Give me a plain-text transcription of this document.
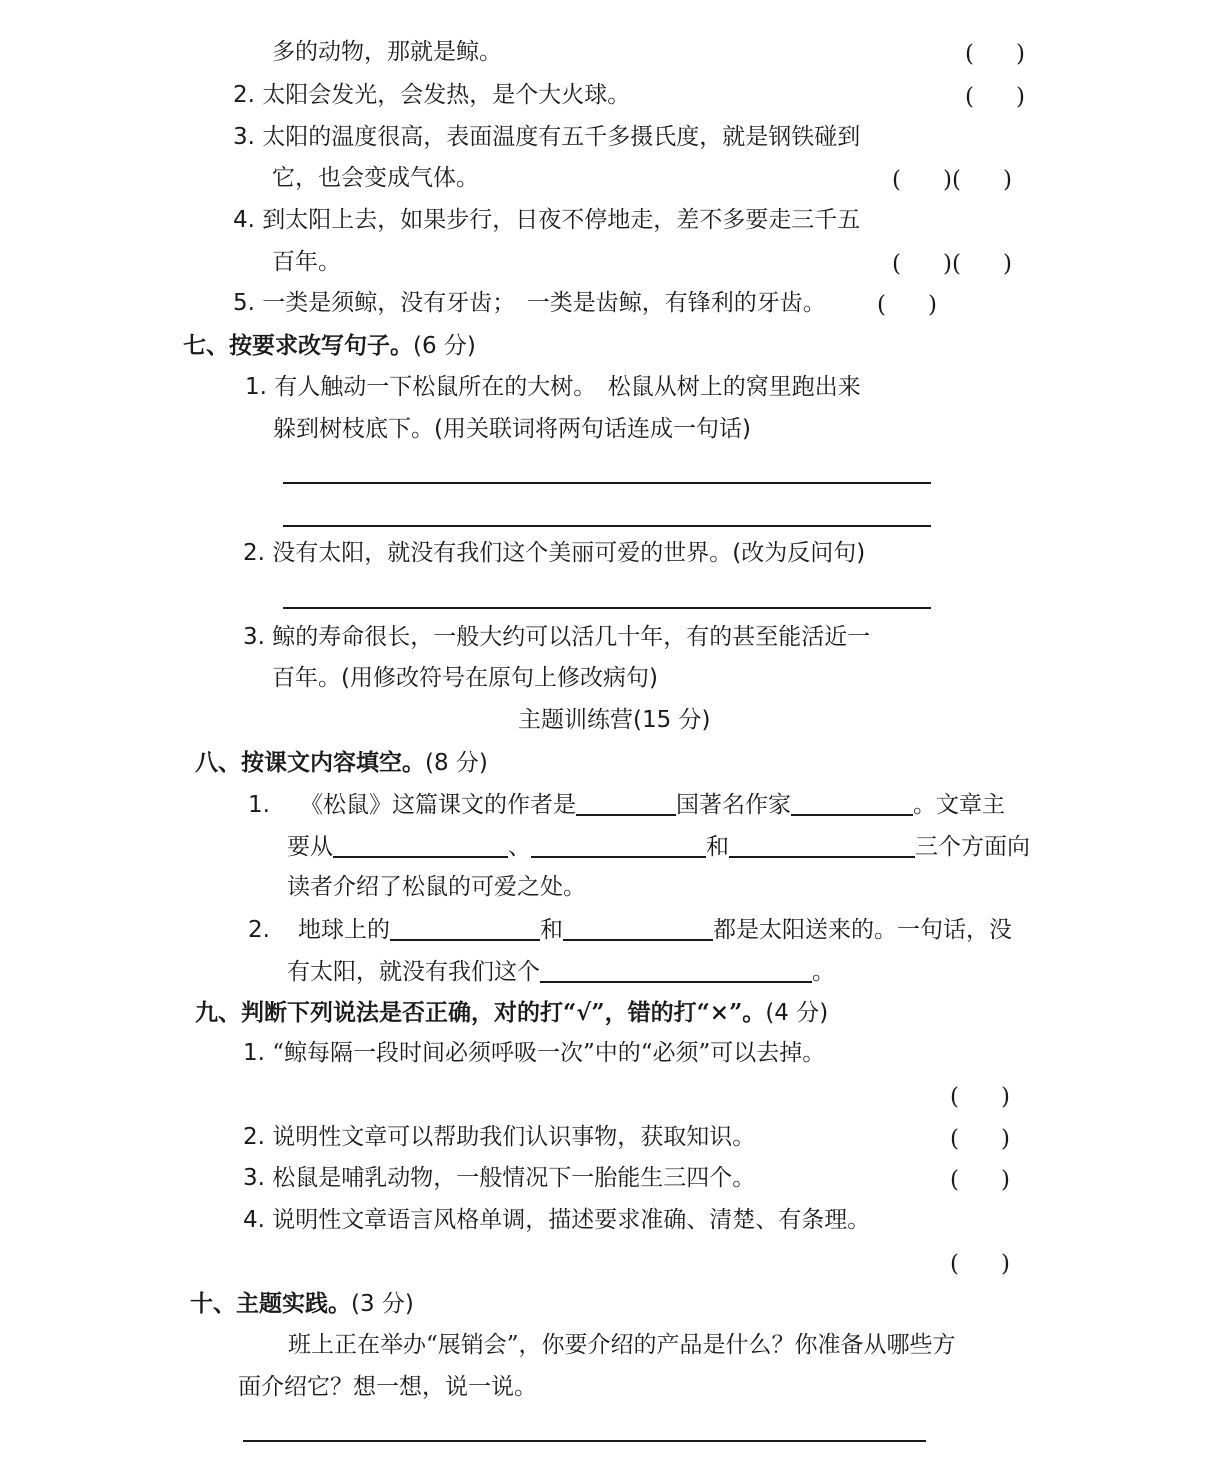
多的动物，那就是鲸。	( )
2. 太阳会发光，会发热，是个大火球。	( )
3. 太阳的温度很高，表面温度有五千多摄氏度，就是钢铁碰到
它，也会变成气体。	( )( )
4. 到太阳上去，如果步行，日夜不停地走，差不多要走三千五
百年。	( )( )
5. 一类是须鲸，没有牙齿；　一类是齿鲸，有锋利的牙齿。 ( )
七、按要求改写句子。(6 分)
1. 有人触动一下松鼠所在的大树。　松鼠从树上的窝里跑出来
躲到树枝底下。(用关联词将两句话连成一句话)
2. 没有太阳，就没有我们这个美丽可爱的世界。(改为反问句)
3. 鲸的寿命很长，一般大约可以活几十年，有的甚至能活近一
百年。(用修改符号在原句上修改病句)
主题训练营(15 分)
八、按课文内容填空。(8 分)
1. 《松鼠》这篇课文的作者是	国著名作家	。文章主
要从	、	和	三个方面向
读者介绍了松鼠的可爱之处。
2. 地球上的	和	都是太阳送来的。一句话，没
有太阳，就没有我们这个	。
九、判断下列说法是否正确，对的打“√”，错的打“×”。(4 分)
1. “鲸每隔一段时间必须呼吸一次”中的“必须”可以去掉。
( )
2. 说明性文章可以帮助我们认识事物，获取知识。	( )
3. 松鼠是哺乳动物，一般情况下一胎能生三四个。	( )
4. 说明性文章语言风格单调，描述要求准确、清楚、有条理。
( )
十、主题实践。(3 分)
班上正在举办“展销会”，你要介绍的产品是什么？你准备从哪些方
面介绍它？想一想，说一说。
